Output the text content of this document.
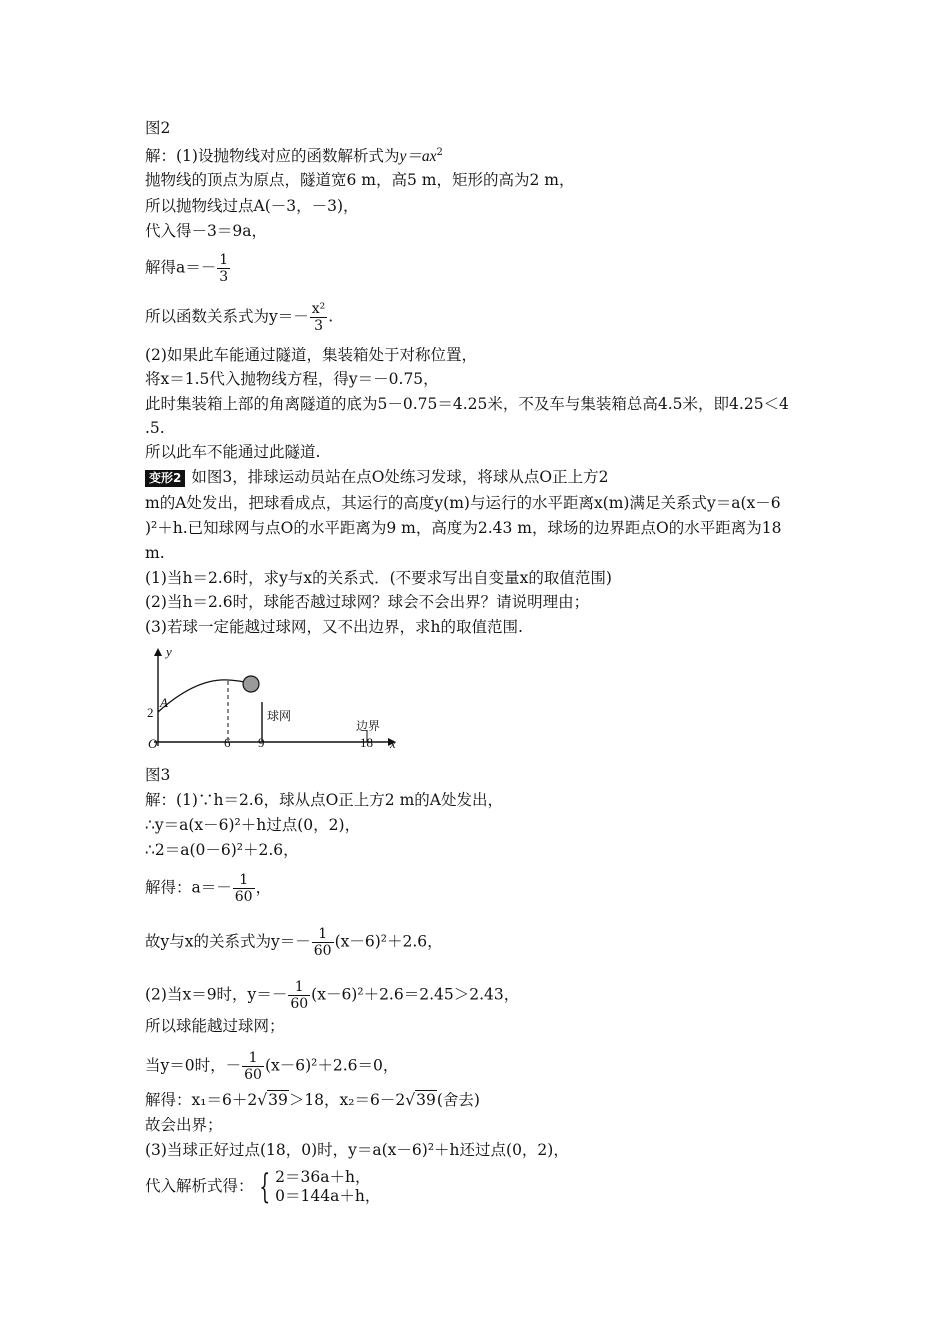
图2
解：(1)设抛物线对应的函数解析式为$y=ax^2$
抛物线的顶点为原点，隧道宽6 m，高5 m，矩形的高为2 m，
所以抛物线过点A(－3，－3)，
代入得－3＝9a，
解得$a=- \frac{1}{3}$
所以函数关系式为$y=- \frac{\text{x²}}{3}$ .
(2)如果此车能通过隧道，集装箱处于对称位置，
将x＝1.5代入抛物线方程，得y＝－0.75，
此时集装箱上部的角离隧道的底为5－0.75＝4.25米，不及车与集装箱总高4.5米，即4.25＜4
.5.
所以此车不能通过此隧道.
变形2 如图3，排球运动员站在点O处练习发球，将球从点O正上方2
m的A处发出，把球看成点，其运行的高度y(m)与运行的水平距离x(m)满足关系式y＝a(x－6
)²＋h.已知球网与点O的水平距离为9 m，高度为2.43 m，球场的边界距点O的水平距离为18
m.
(1)当h＝2.6时，求y与x的关系式．(不要求写出自变量x的取值范围)
(2)当h＝2.6时，球能否越过球网？球会不会出界？请说明理由；
(3)若球一定能越过球网，又不出边界，求h的取值范围.
y
x
O
A
2
6 9	18
球网
边界
图3
解：(1)∵h＝2.6，球从点O正上方2 m的A处发出，
∴y＝a(x－6)²＋h过点(0，2)，
∴2＝a(0－6)²＋2.6，
解得：$a=- \frac{1}{60}$ ，
故y与x的关系式为$y=- \frac{1}{60} (x-6)^2+2.6$，
(2)当x＝9时，$y=- \frac{1}{60} (x-6)^2+2.6=2.45>2.43$，
所以球能越过球网；
当y＝0时，－ $\frac{1}{60} (x-6)^2+2.6=0$，
解得：x₁＝6＋2√39＞18，x₂＝6－2√39(舍去)
故会出界；
(3)当球正好过点(18，0)时，y＝a(x－6)²＋h还过点(0，2)，
代入解析式得： { 2＝36a＋h，
0＝144a＋h，
